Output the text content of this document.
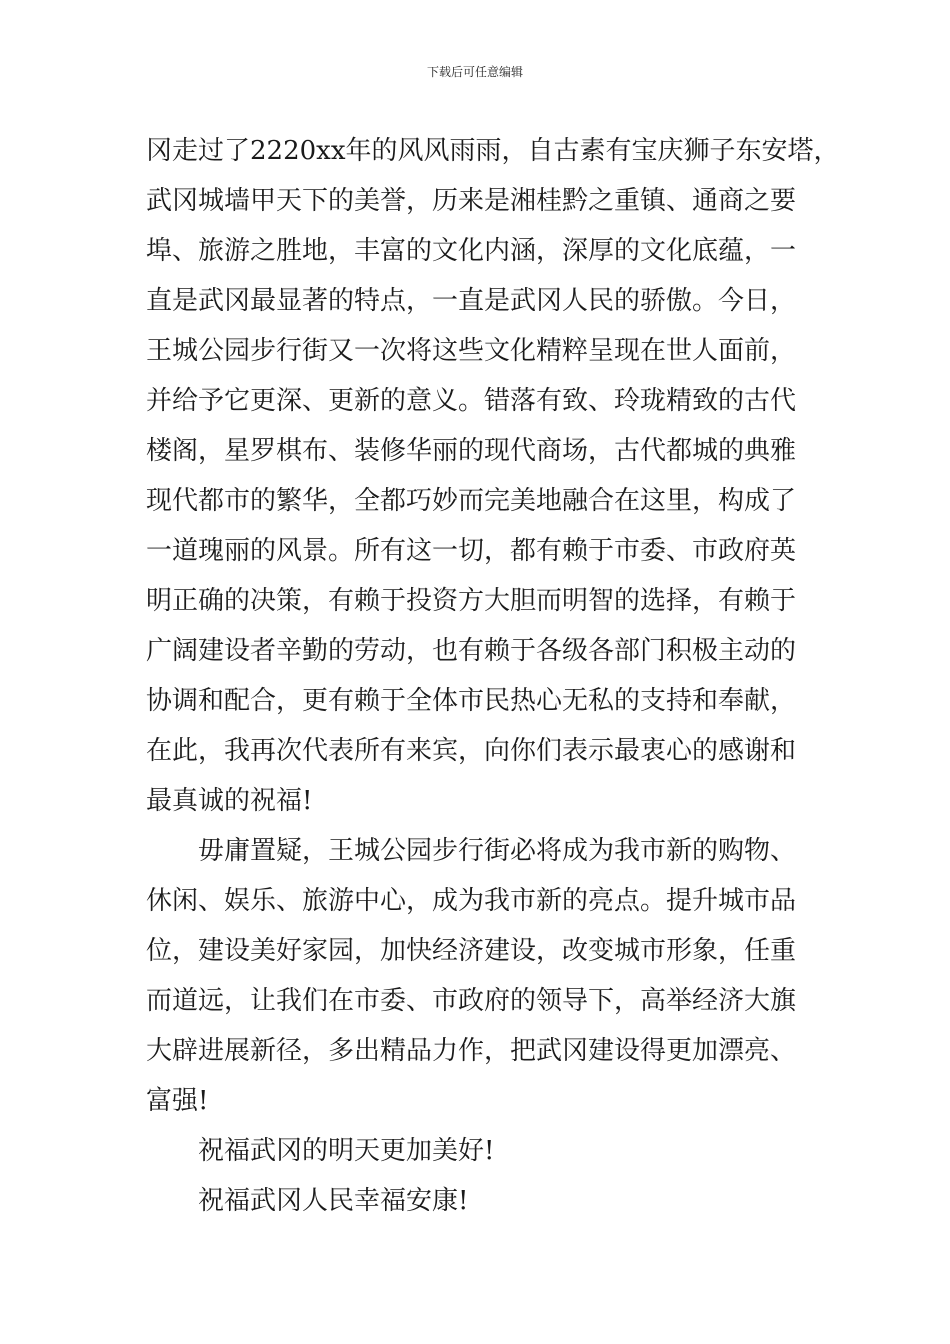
下载后可任意编辑
冈走过了2220xx年的风风雨雨，自古素有宝庆狮子东安塔，
武冈城墙甲天下的美誉，历来是湘桂黔之重镇、通商之要
埠、旅游之胜地，丰富的文化内涵，深厚的文化底蕴，一
直是武冈最显著的特点，一直是武冈人民的骄傲。今日，
王城公园步行街又一次将这些文化精粹呈现在世人面前，
并给予它更深、更新的意义。错落有致、玲珑精致的古代
楼阁，星罗棋布、装修华丽的现代商场，古代都城的典雅
现代都市的繁华，全都巧妙而完美地融合在这里，构成了
一道瑰丽的风景。所有这一切，都有赖于市委、市政府英
明正确的决策，有赖于投资方大胆而明智的选择，有赖于
广阔建设者辛勤的劳动，也有赖于各级各部门积极主动的
协调和配合，更有赖于全体市民热心无私的支持和奉献，
在此，我再次代表所有来宾，向你们表示最衷心的感谢和
最真诚的祝福!
毋庸置疑，王城公园步行街必将成为我市新的购物、
休闲、娱乐、旅游中心，成为我市新的亮点。提升城市品
位，建设美好家园，加快经济建设，改变城市形象，任重
而道远，让我们在市委、市政府的领导下，高举经济大旗
大辟进展新径，多出精品力作，把武冈建设得更加漂亮、
富强!
祝福武冈的明天更加美好!
祝福武冈人民幸福安康!
